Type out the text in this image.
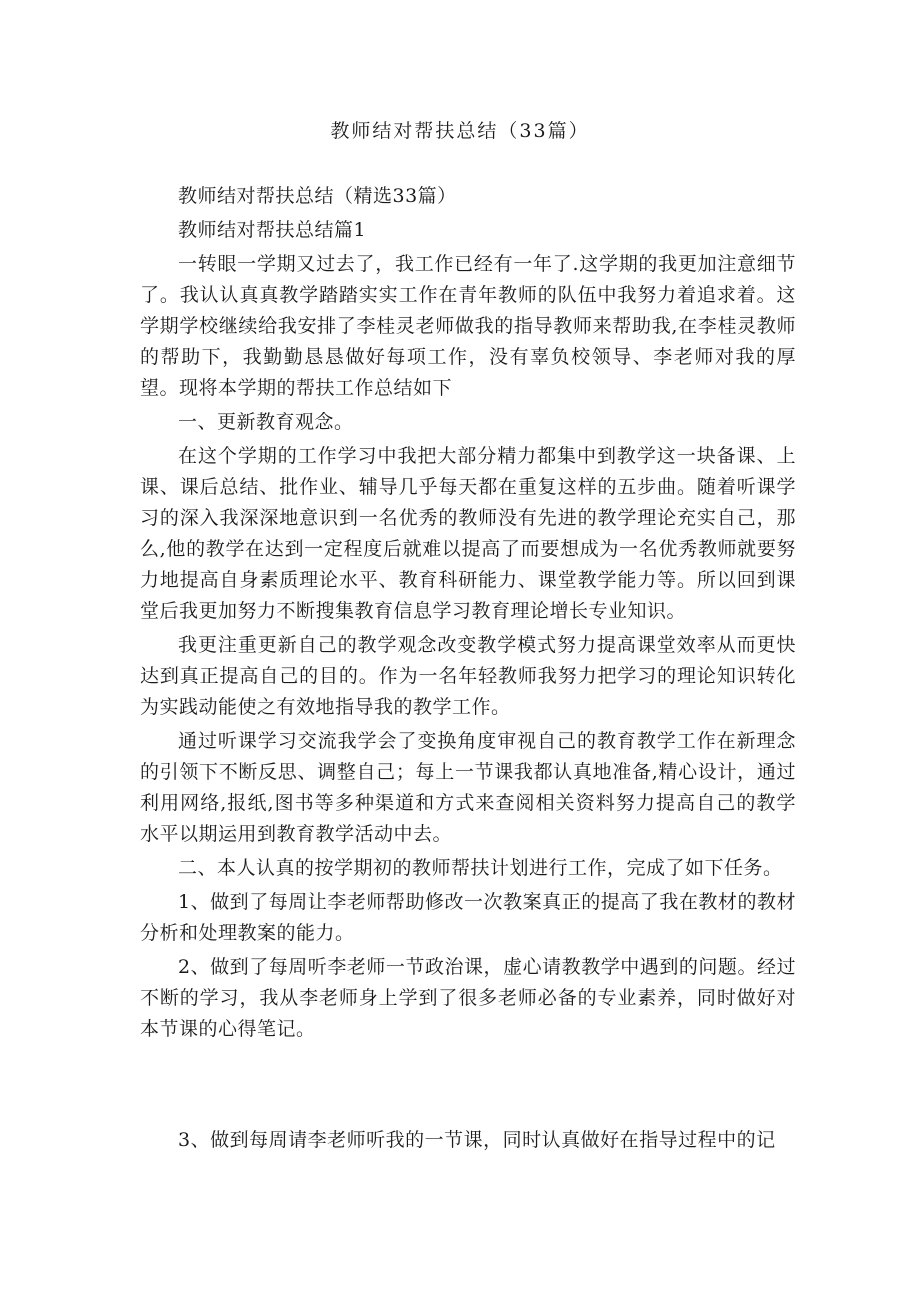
教师结对帮扶总结（33篇）

教师结对帮扶总结（精选33篇）

教师结对帮扶总结篇1

一转眼一学期又过去了，我工作已经有一年了.这学期的我更加注意细节了。我认认真真教学踏踏实实工作在青年教师的队伍中我努力着追求着。这学期学校继续给我安排了李桂灵老师做我的指导教师来帮助我,在李桂灵教师的帮助下，我勤勤恳恳做好每项工作，没有辜负校领导、李老师对我的厚望。现将本学期的帮扶工作总结如下

一、更新教育观念。

在这个学期的工作学习中我把大部分精力都集中到教学这一块备课、上课、课后总结、批作业、辅导几乎每天都在重复这样的五步曲。随着听课学习的深入我深深地意识到一名优秀的教师没有先进的教学理论充实自己，那么,他的教学在达到一定程度后就难以提高了而要想成为一名优秀教师就要努力地提高自身素质理论水平、教育科研能力、课堂教学能力等。所以回到课堂后我更加努力不断搜集教育信息学习教育理论增长专业知识。

我更注重更新自己的教学观念改变教学模式努力提高课堂效率从而更快达到真正提高自己的目的。作为一名年轻教师我努力把学习的理论知识转化为实践动能使之有效地指导我的教学工作。

通过听课学习交流我学会了变换角度审视自己的教育教学工作在新理念的引领下不断反思、调整自己；每上一节课我都认真地准备,精心设计，通过利用网络,报纸,图书等多种渠道和方式来查阅相关资料努力提高自己的教学水平以期运用到教育教学活动中去。

二、本人认真的按学期初的教师帮扶计划进行工作，完成了如下任务。

1、做到了每周让李老师帮助修改一次教案真正的提高了我在教材的教材分析和处理教案的能力。

2、做到了每周听李老师一节政治课，虚心请教教学中遇到的问题。经过不断的学习，我从李老师身上学到了很多老师必备的专业素养，同时做好对本节课的心得笔记。

3、做到每周请李老师听我的一节课，同时认真做好在指导过程中的记
